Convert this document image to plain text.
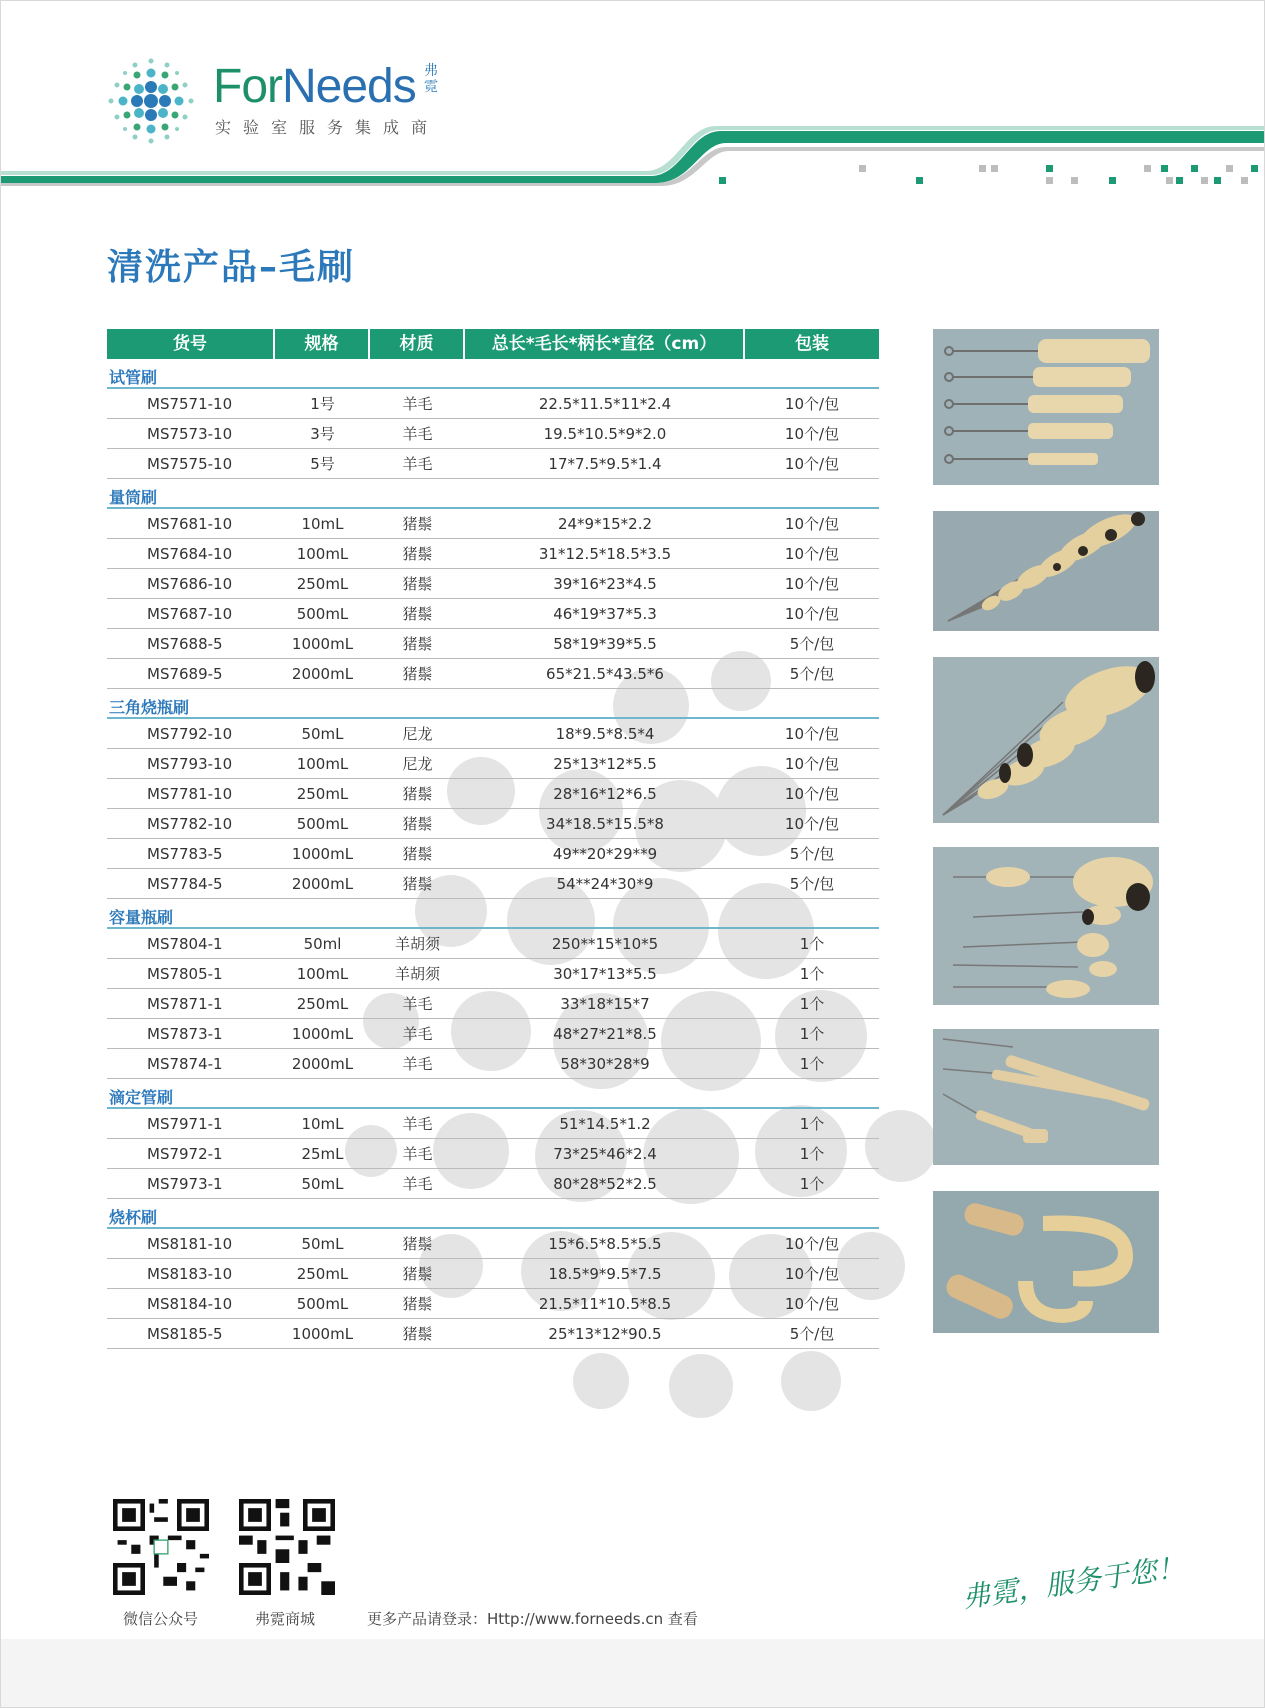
ForNeeds 弗霓
实验室服务集成商
清洗产品–毛刷
货号	规格	材质	总长*毛长*柄长*直径（cm）	包装
试管刷
MS7571-10	1号	羊毛	22.5*11.5*11*2.4	10个/包
MS7573-10	3号	羊毛	19.5*10.5*9*2.0	10个/包
MS7575-10	5号	羊毛	17*7.5*9.5*1.4	10个/包
量筒刷
MS7681-10	10mL	猪鬃	24*9*15*2.2	10个/包
MS7684-10	100mL	猪鬃	31*12.5*18.5*3.5	10个/包
MS7686-10	250mL	猪鬃	39*16*23*4.5	10个/包
MS7687-10	500mL	猪鬃	46*19*37*5.3	10个/包
MS7688-5	1000mL	猪鬃	58*19*39*5.5	5个/包
MS7689-5	2000mL	猪鬃	65*21.5*43.5*6	5个/包
三角烧瓶刷
MS7792-10	50mL	尼龙	18*9.5*8.5*4	10个/包
MS7793-10	100mL	尼龙	25*13*12*5.5	10个/包
MS7781-10	250mL	猪鬃	28*16*12*6.5	10个/包
MS7782-10	500mL	猪鬃	34*18.5*15.5*8	10个/包
MS7783-5	1000mL	猪鬃	49**20*29**9	5个/包
MS7784-5	2000mL	猪鬃	54**24*30*9	5个/包
容量瓶刷
MS7804-1	50ml	羊胡须	250**15*10*5	1个
MS7805-1	100mL	羊胡须	30*17*13*5.5	1个
MS7871-1	250mL	羊毛	33*18*15*7	1个
MS7873-1	1000mL	羊毛	48*27*21*8.5	1个
MS7874-1	2000mL	羊毛	58*30*28*9	1个
滴定管刷
MS7971-1	10mL	羊毛	51*14.5*1.2	1个
MS7972-1	25mL	羊毛	73*25*46*2.4	1个
MS7973-1	50mL	羊毛	80*28*52*2.5	1个
烧杯刷
MS8181-10	50mL	猪鬃	15*6.5*8.5*5.5	10个/包
MS8183-10	250mL	猪鬃	18.5*9*9.5*7.5	10个/包
MS8184-10	500mL	猪鬃	21.5*11*10.5*8.5	10个/包
MS8185-5	1000mL	猪鬃	25*13*12*90.5	5个/包
微信公众号	弗霓商城	更多产品请登录：Http://www.forneeds.cn 查看
弗霓，服务于您！
